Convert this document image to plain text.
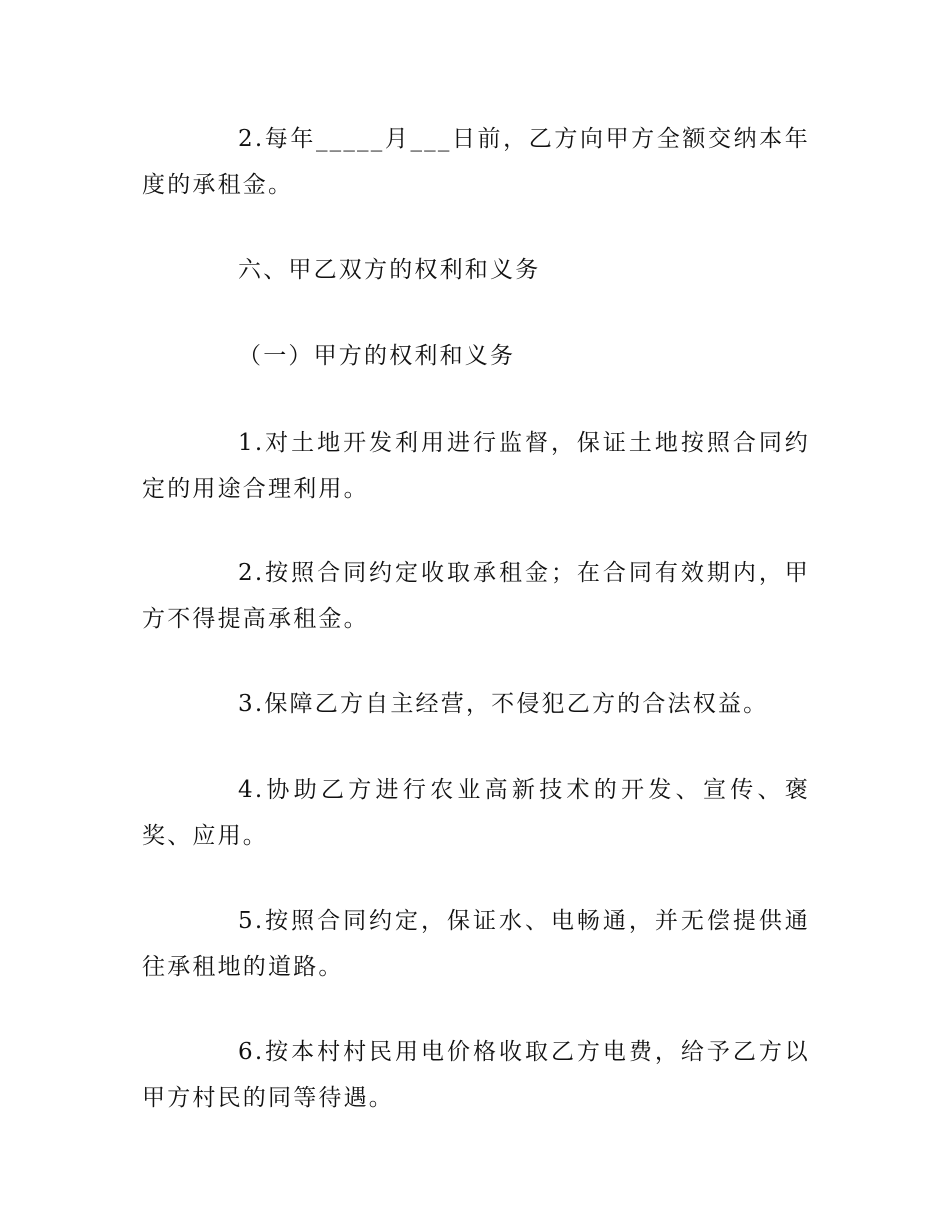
2.每年_____月___日前，乙方向甲方全额交纳本年度的承租金。

六、甲乙双方的权利和义务

（一）甲方的权利和义务

1.对土地开发利用进行监督，保证土地按照合同约定的用途合理利用。

2.按照合同约定收取承租金；在合同有效期内，甲方不得提高承租金。

3.保障乙方自主经营，不侵犯乙方的合法权益。

4.协助乙方进行农业高新技术的开发、宣传、褒奖、应用。

5.按照合同约定，保证水、电畅通，并无偿提供通往承租地的道路。

6.按本村村民用电价格收取乙方电费，给予乙方以甲方村民的同等待遇。
